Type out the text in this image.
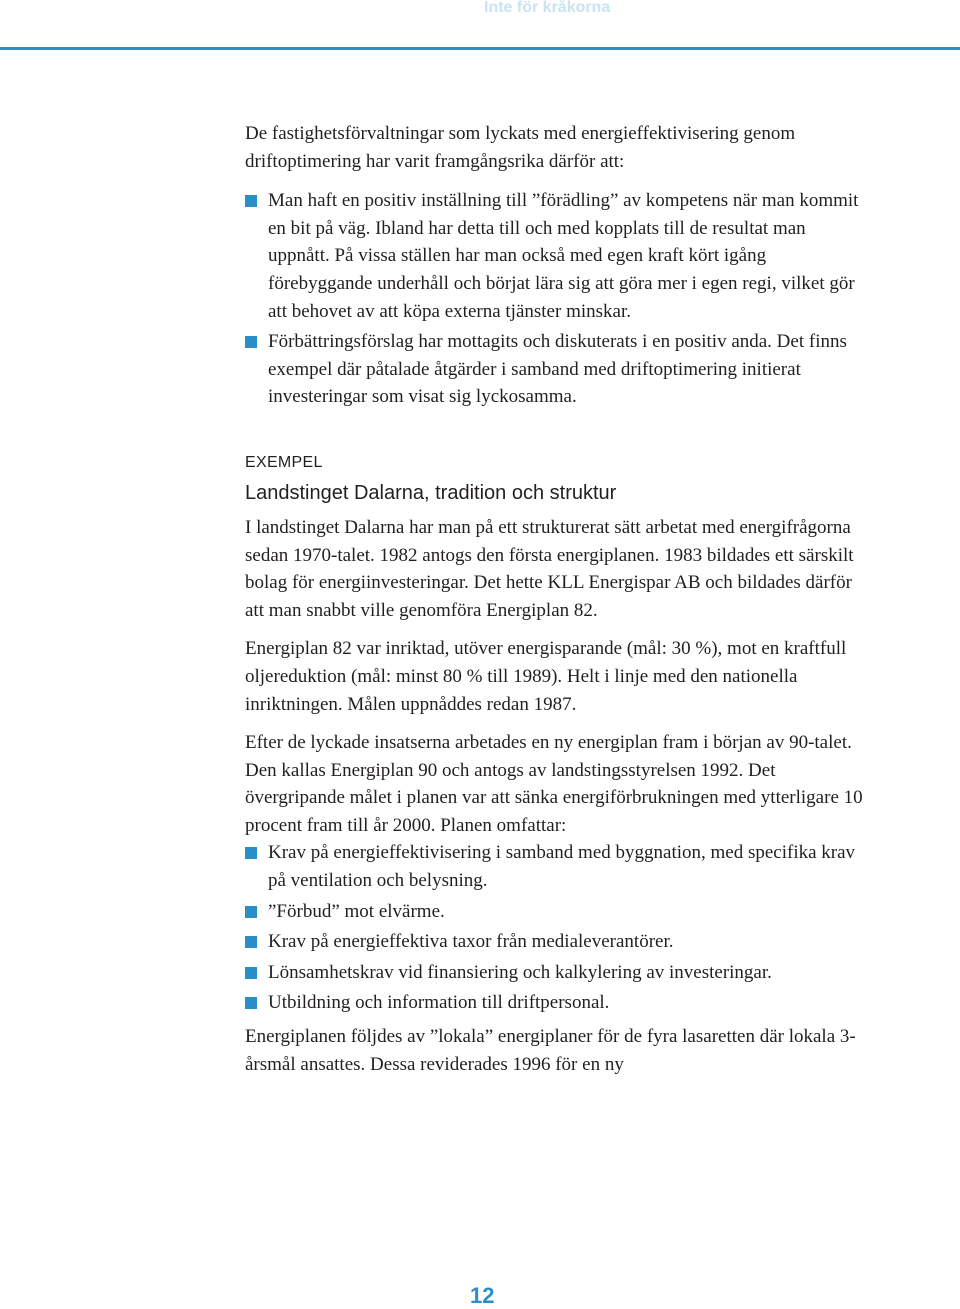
Inte för kråkorna

De fastighetsförvaltningar som lyckats med energieffektivisering genom driftoptimering har varit framgångsrika därför att:

Man haft en positiv inställning till ”förädling” av kompetens när man kommit en bit på väg. Ibland har detta till och med kopplats till de resultat man uppnått. På vissa ställen har man också med egen kraft kört igång förebyggande underhåll och börjat lära sig att göra mer i egen regi, vilket gör att behovet av att köpa externa tjänster minskar.
Förbättringsförslag har mottagits och diskuterats i en positiv anda. Det finns exempel där påtalade åtgärder i samband med driftoptimering initierat investeringar som visat sig lyckosamma.
EXEMPEL
Landstinget Dalarna, tradition och struktur

I landstinget Dalarna har man på ett strukturerat sätt arbetat med energifrågorna sedan 1970-talet. 1982 antogs den första energiplanen. 1983 bildades ett särskilt bolag för energiinvesteringar. Det hette KLL Energispar AB och bildades därför att man snabbt ville genomföra Energiplan 82.

Energiplan 82 var inriktad, utöver energisparande (mål: 30 %), mot en kraftfull oljereduktion (mål: minst 80 % till 1989). Helt i linje med den nationella inriktningen. Målen uppnåddes redan 1987.

Efter de lyckade insatserna arbetades en ny energiplan fram i början av 90-talet. Den kallas Energiplan 90 och antogs av landstingsstyrelsen 1992. Det övergripande målet i planen var att sänka energiförbrukningen med ytterligare 10 procent fram till år 2000. Planen omfattar:

Krav på energieffektivisering i samband med byggnation, med specifika krav på ventilation och belysning.
”Förbud” mot elvärme.
Krav på energieffektiva taxor från medialeverantörer.
Lönsamhetskrav vid finansiering och kalkylering av investeringar.
Utbildning och information till driftpersonal.

Energiplanen följdes av ”lokala” energiplaner för de fyra lasaretten där lokala 3-årsmål ansattes. Dessa reviderades 1996 för en ny

12
